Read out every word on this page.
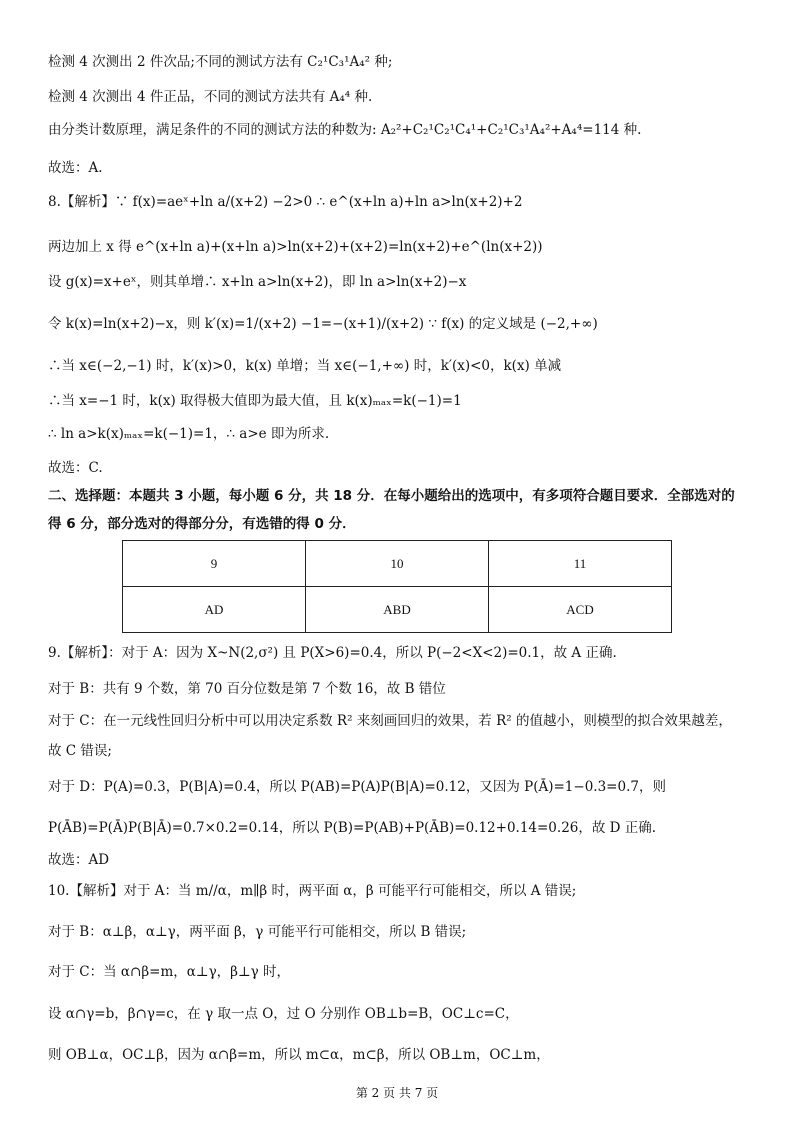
检测 4 次测出 2 件次品;不同的测试方法有 C₂¹C₃¹A₄² 种;
检测 4 次测出 4 件正品，不同的测试方法共有 A₄⁴ 种.
由分类计数原理，满足条件的不同的测试方法的种数为: A₂²+C₂¹C₂¹C₄¹+C₂¹C₃¹A₄²+A₄⁴=114 种.
故选：A.
8.【解析】∵ f(x)=aeˣ+ln a/(x+2) −2>0 ∴ e^(x+ln a)+ln a>ln(x+2)+2
两边加上 x 得 e^(x+ln a)+(x+ln a)>ln(x+2)+(x+2)=ln(x+2)+e^(ln(x+2))
设 g(x)=x+eˣ，则其单增∴ x+ln a>ln(x+2)，即 ln a>ln(x+2)−x
令 k(x)=ln(x+2)−x，则 k′(x)=1/(x+2) −1=−(x+1)/(x+2) ∵ f(x) 的定义域是 (−2,+∞)
∴当 x∈(−2,−1) 时，k′(x)>0，k(x) 单增；当 x∈(−1,+∞) 时，k′(x)<0，k(x) 单减
∴当 x=−1 时，k(x) 取得极大值即为最大值，且 k(x)ₘₐₓ=k(−1)=1
∴ ln a>k(x)ₘₐₓ=k(−1)=1，∴ a>e 即为所求.
故选：C.
二、选择题：本题共 3 小题，每小题 6 分，共 18 分．在每小题给出的选项中，有多项符合题目要求．全部选对的
得 6 分，部分选对的得部分分，有选错的得 0 分．
9	10	11
AD	ABD	ACD
9.【解析】：对于 A：因为 X~N(2,σ²) 且 P(X>6)=0.4，所以 P(−2<X<2)=0.1，故 A 正确.
对于 B：共有 9 个数，第 70 百分位数是第 7 个数 16，故 B 错位
对于 C：在一元线性回归分析中可以用决定系数 R² 来刻画回归的效果，若 R² 的值越小，则模型的拟合效果越差，
故 C 错误;
对于 D：P(A)=0.3，P(B|A)=0.4，所以 P(AB)=P(A)P(B|A)=0.12，又因为 P(Ā)=1−0.3=0.7，则
P(ĀB)=P(Ā)P(B|Ā)=0.7×0.2=0.14，所以 P(B)=P(AB)+P(ĀB)=0.12+0.14=0.26，故 D 正确.
故选：AD
10.【解析】对于 A：当 m//α，m∥β 时，两平面 α，β 可能平行可能相交，所以 A 错误;
对于 B：α⊥β，α⊥γ，两平面 β，γ 可能平行可能相交，所以 B 错误;
对于 C：当 α∩β=m，α⊥γ，β⊥γ 时，
设 α∩γ=b，β∩γ=c，在 γ 取一点 O，过 O 分别作 OB⊥b=B，OC⊥c=C，
则 OB⊥α，OC⊥β，因为 α∩β=m，所以 m⊂α，m⊂β，所以 OB⊥m，OC⊥m，
第 2 页 共 7 页
